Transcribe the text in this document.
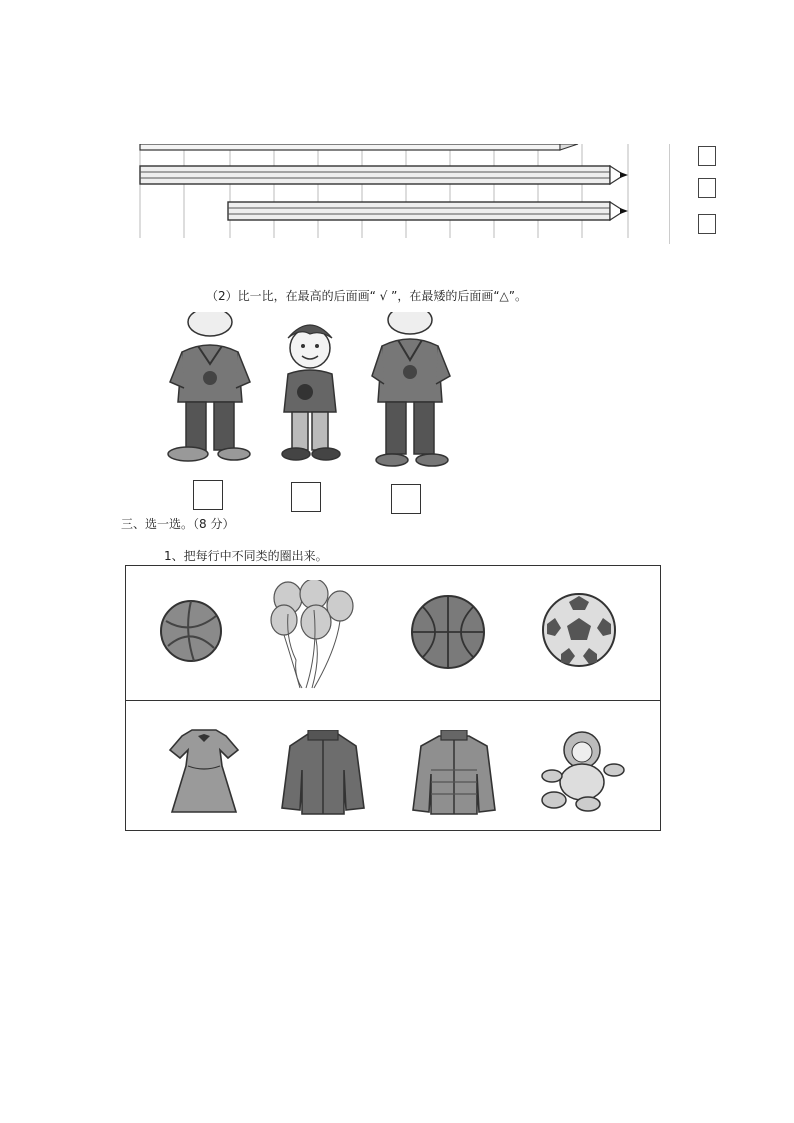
（2）比一比，在最高的后面画“ √ ”，在最矮的后面画“△”。
三、选一选。（8 分）
1、把每行中不同类的圈出来。
